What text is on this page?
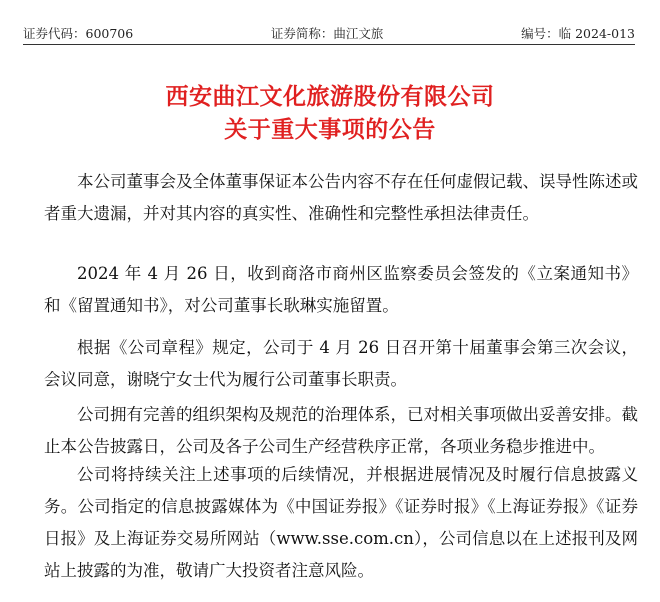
证券代码：600706	证券简称：曲江文旅	编号：临 2024-013
西安曲江文化旅游股份有限公司
关于重大事项的公告
本公司董事会及全体董事保证本公告内容不存在任何虚假记载、误导性陈述或者重大遗漏，并对其内容的真实性、准确性和完整性承担法律责任。
2024 年 4 月 26 日，收到商洛市商州区监察委员会签发的《立案通知书》和《留置通知书》，对公司董事长耿琳实施留置。
根据《公司章程》规定，公司于 4 月 26 日召开第十届董事会第三次会议，会议同意，谢晓宁女士代为履行公司董事长职责。
公司拥有完善的组织架构及规范的治理体系，已对相关事项做出妥善安排。截止本公告披露日，公司及各子公司生产经营秩序正常，各项业务稳步推进中。
公司将持续关注上述事项的后续情况，并根据进展情况及时履行信息披露义务。公司指定的信息披露媒体为《中国证券报》《证券时报》《上海证券报》《证券日报》及上海证券交易所网站（www.sse.com.cn），公司信息以在上述报刊及网站上披露的为准，敬请广大投资者注意风险。
